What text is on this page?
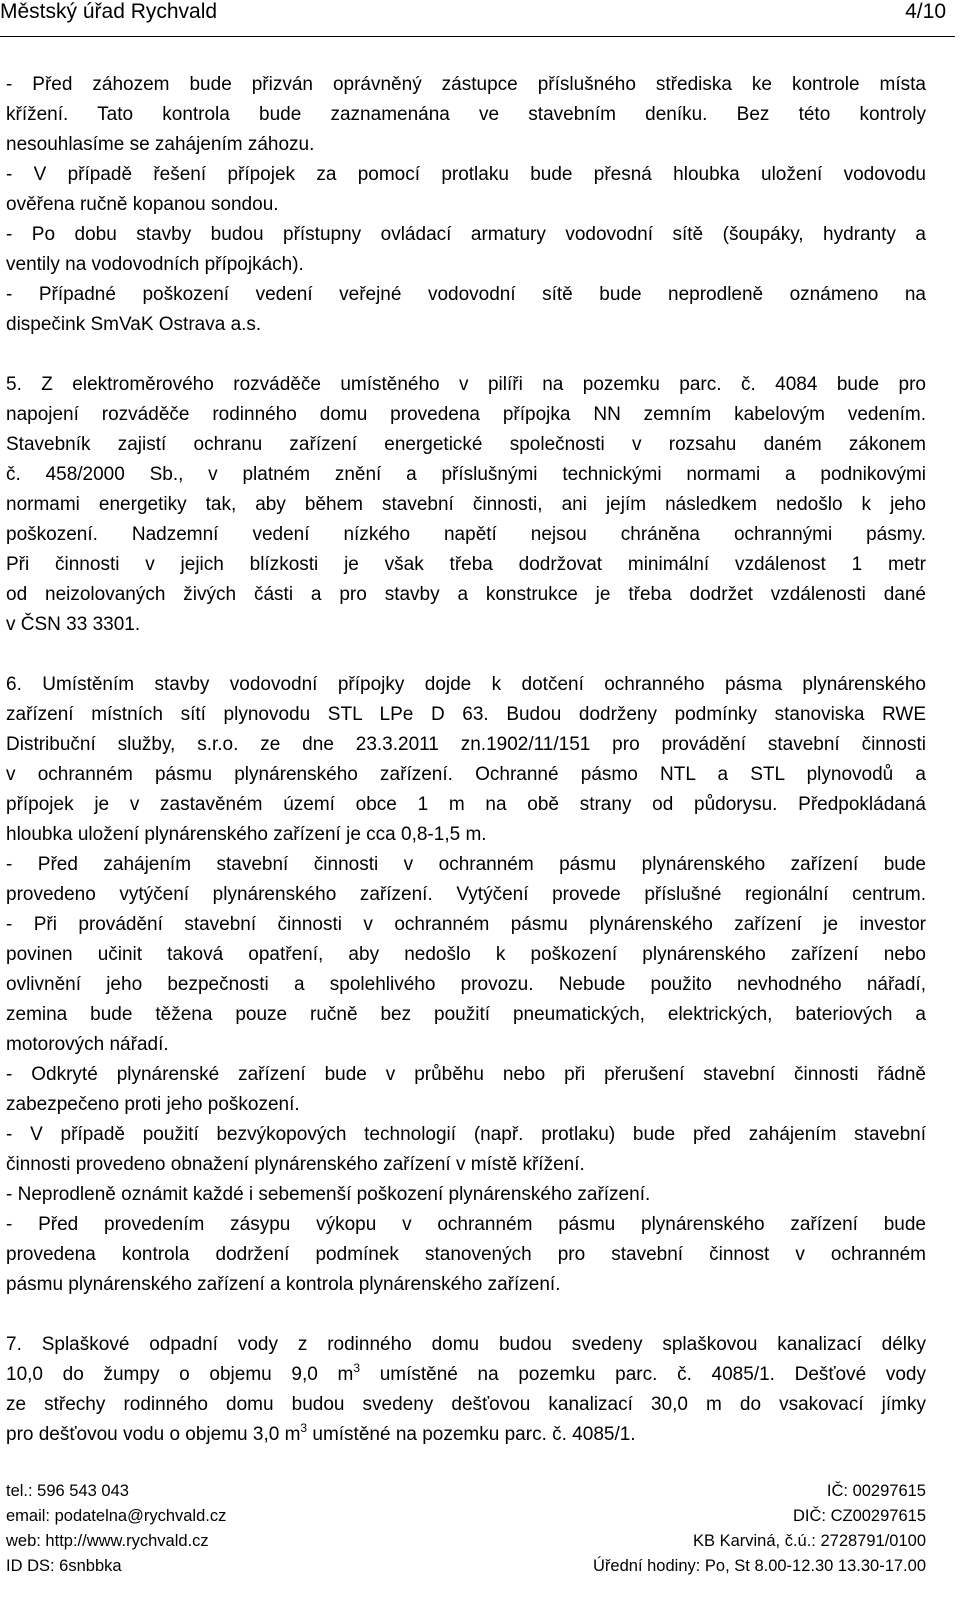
Městský úřad Rychvald	4/10
- Před záhozem bude přizván oprávněný zástupce příslušného střediska ke kontrole místa
křížení. Tato kontrola bude zaznamenána ve stavebním deníku. Bez této kontroly
nesouhlasíme se zahájením záhozu.
- V případě řešení přípojek za pomocí protlaku bude přesná hloubka uložení vodovodu
ověřena ručně kopanou sondou.
- Po dobu stavby budou přístupny ovládací armatury vodovodní sítě (šoupáky, hydranty a
ventily na vodovodních přípojkách).
- Případné poškození vedení veřejné vodovodní sítě bude neprodleně oznámeno na
dispečink SmVaK Ostrava a.s.
5. Z elektroměrového rozváděče umístěného v pilíři na pozemku parc. č. 4084 bude pro
napojení rozváděče rodinného domu provedena přípojka NN zemním kabelovým vedením.
Stavebník zajistí ochranu zařízení energetické společnosti v rozsahu daném zákonem
č. 458/2000 Sb., v platném znění a příslušnými technickými normami a podnikovými
normami energetiky tak, aby během stavební činnosti, ani jejím následkem nedošlo k jeho
poškození. Nadzemní vedení nízkého napětí nejsou chráněna ochrannými pásmy.
Při činnosti v jejich blízkosti je však třeba dodržovat minimální vzdálenost 1 metr
od neizolovaných živých části a pro stavby a konstrukce je třeba dodržet vzdálenosti dané
v ČSN 33 3301.
6. Umístěním stavby vodovodní přípojky dojde k dotčení ochranného pásma plynárenského
zařízení místních sítí plynovodu STL LPe D 63. Budou dodrženy podmínky stanoviska RWE
Distribuční služby, s.r.o. ze dne 23.3.2011 zn.1902/11/151 pro provádění stavební činnosti
v ochranném pásmu plynárenského zařízení. Ochranné pásmo NTL a STL plynovodů a
přípojek je v zastavěném území obce 1 m na obě strany od půdorysu. Předpokládaná
hloubka uložení plynárenského zařízení je cca 0,8-1,5 m.
- Před zahájením stavební činnosti v ochranném pásmu plynárenského zařízení bude
provedeno vytýčení plynárenského zařízení. Vytýčení provede příslušné regionální centrum.
- Při provádění stavební činnosti v ochranném pásmu plynárenského zařízení je investor
povinen učinit taková opatření, aby nedošlo k poškození plynárenského zařízení nebo
ovlivnění jeho bezpečnosti a spolehlivého provozu. Nebude použito nevhodného nářadí,
zemina bude těžena pouze ručně bez použití pneumatických, elektrických, bateriových a
motorových nářadí.
- Odkryté plynárenské zařízení bude v průběhu nebo při přerušení stavební činnosti řádně
zabezpečeno proti jeho poškození.
- V případě použití bezvýkopových technologií (např. protlaku) bude před zahájením stavební
činnosti provedeno obnažení plynárenského zařízení v místě křížení.
- Neprodleně oznámit každé i sebemenší poškození plynárenského zařízení.
- Před provedením zásypu výkopu v ochranném pásmu plynárenského zařízení bude
provedena kontrola dodržení podmínek stanovených pro stavební činnost v ochranném
pásmu plynárenského zařízení a kontrola plynárenského zařízení.
7. Splaškové odpadní vody z rodinného domu budou svedeny splaškovou kanalizací délky
10,0 do žumpy o objemu 9,0 $m^3$ umístěné na pozemku parc. č. 4085/1. Dešťové vody
ze střechy rodinného domu budou svedeny dešťovou kanalizací 30,0 m do vsakovací jímky
pro dešťovou vodu o objemu 3,0 $m^3$ umístěné na pozemku parc. č. 4085/1.
tel.: 596 543 043	IČ: 00297615
email: podatelna@rychvald.cz	DIČ: CZ00297615
web: http://www.rychvald.cz	KB Karviná, č.ú.: 2728791/0100
ID DS: 6snbbka	Úřední hodiny: Po, St 8.00-12.30 13.30-17.00
